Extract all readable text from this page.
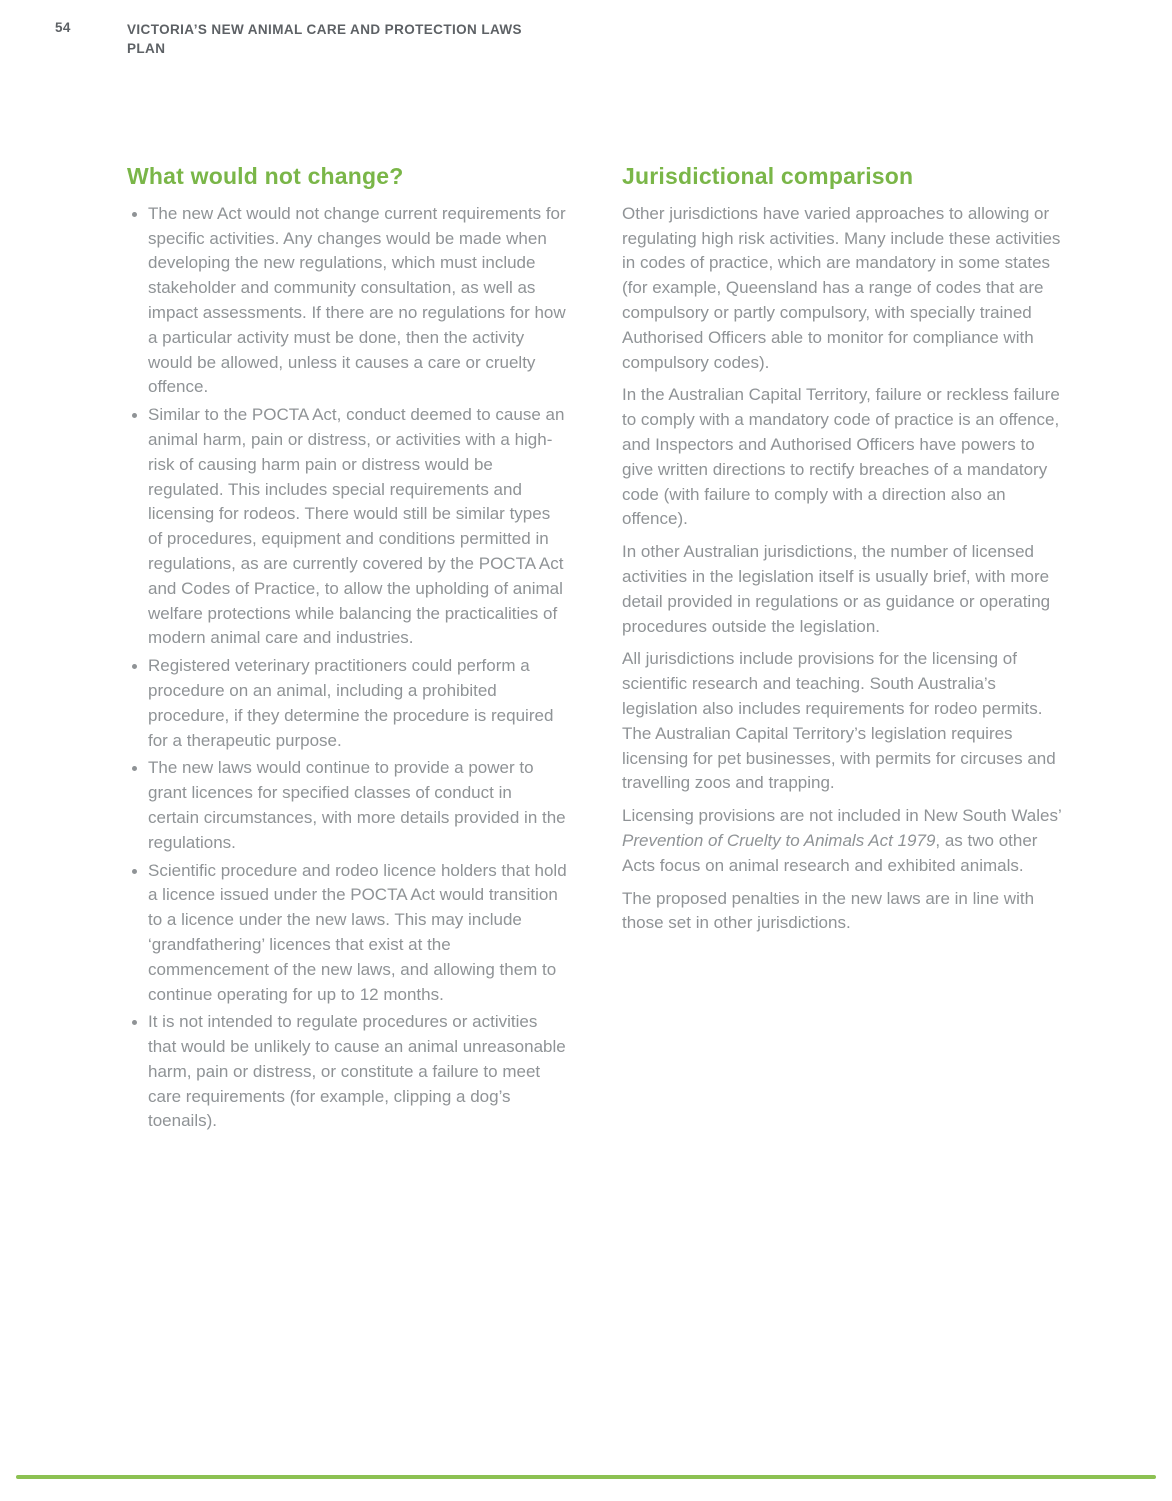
54	VICTORIA’S NEW ANIMAL CARE AND PROTECTION LAWS
PLAN
What would not change?
The new Act would not change current requirements for specific activities. Any changes would be made when developing the new regulations, which must include stakeholder and community consultation, as well as impact assessments. If there are no regulations for how a particular activity must be done, then the activity would be allowed, unless it causes a care or cruelty offence.
Similar to the POCTA Act, conduct deemed to cause an animal harm, pain or distress, or activities with a high-risk of causing harm pain or distress would be regulated. This includes special requirements and licensing for rodeos. There would still be similar types of procedures, equipment and conditions permitted in regulations, as are currently covered by the POCTA Act and Codes of Practice, to allow the upholding of animal welfare protections while balancing the practicalities of modern animal care and industries.
Registered veterinary practitioners could perform a procedure on an animal, including a prohibited procedure, if they determine the procedure is required for a therapeutic purpose.
The new laws would continue to provide a power to grant licences for specified classes of conduct in certain circumstances, with more details provided in the regulations.
Scientific procedure and rodeo licence holders that hold a licence issued under the POCTA Act would transition to a licence under the new laws. This may include ‘grandfathering’ licences that exist at the commencement of the new laws, and allowing them to continue operating for up to 12 months.
It is not intended to regulate procedures or activities that would be unlikely to cause an animal unreasonable harm, pain or distress, or constitute a failure to meet care requirements (for example, clipping a dog’s toenails).
Jurisdictional comparison

Other jurisdictions have varied approaches to allowing or regulating high risk activities. Many include these activities in codes of practice, which are mandatory in some states (for example, Queensland has a range of codes that are compulsory or partly compulsory, with specially trained Authorised Officers able to monitor for compliance with compulsory codes).

In the Australian Capital Territory, failure or reckless failure to comply with a mandatory code of practice is an offence, and Inspectors and Authorised Officers have powers to give written directions to rectify breaches of a mandatory code (with failure to comply with a direction also an offence).

In other Australian jurisdictions, the number of licensed activities in the legislation itself is usually brief, with more detail provided in regulations or as guidance or operating procedures outside the legislation.

All jurisdictions include provisions for the licensing of scientific research and teaching. South Australia’s legislation also includes requirements for rodeo permits. The Australian Capital Territory’s legislation requires licensing for pet businesses, with permits for circuses and travelling zoos and trapping.

Licensing provisions are not included in New South Wales’ Prevention of Cruelty to Animals Act 1979, as two other Acts focus on animal research and exhibited animals.

The proposed penalties in the new laws are in line with those set in other jurisdictions.
